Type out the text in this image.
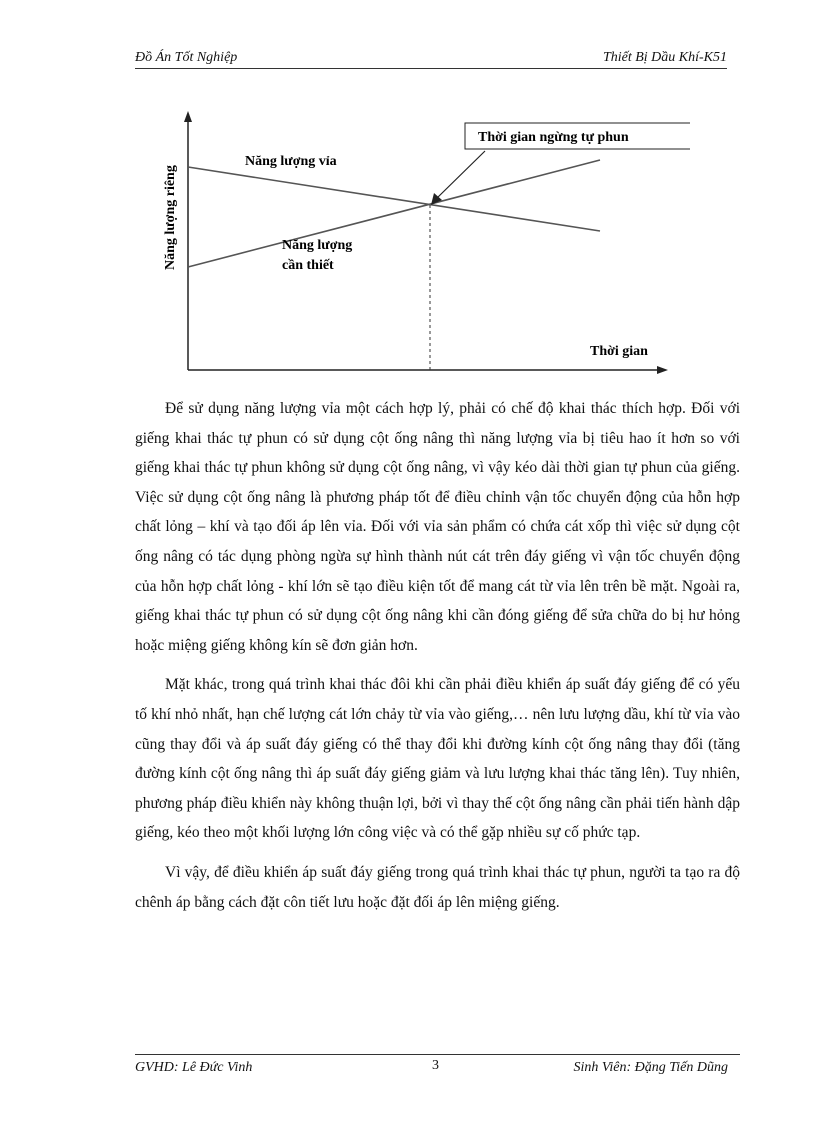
Đồ Án Tốt Nghiệp	Thiết Bị Dầu Khí-K51
Thời gian ngừng tự phun
Năng lượng vỉa
Năng lượng
cần thiết
Thời gian
Năng lượng riêng

Để sử dụng năng lượng vỉa một cách hợp lý, phải có chế độ khai thác thích hợp. Đối với giếng khai thác tự phun có sử dụng cột ống nâng thì năng lượng vỉa bị tiêu hao ít hơn so với giếng khai thác tự phun không sử dụng cột ống nâng, vì vậy kéo dài thời gian tự phun của giếng. Việc sử dụng cột ống nâng là phương pháp tốt để điều chỉnh vận tốc chuyển động của hỗn hợp chất lỏng – khí và tạo đối áp lên vỉa. Đối với vỉa sản phẩm có chứa cát xốp thì việc sử dụng cột ống nâng có tác dụng phòng ngừa sự hình thành nút cát trên đáy giếng vì vận tốc chuyển động của hỗn hợp chất lỏng - khí lớn sẽ tạo điều kiện tốt để mang cát từ vỉa lên trên bề mặt. Ngoài ra, giếng khai thác tự phun có sử dụng cột ống nâng khi cần đóng giếng để sửa chữa do bị hư hỏng hoặc miệng giếng không kín sẽ đơn giản hơn.

Mặt khác, trong quá trình khai thác đôi khi cần phải điều khiển áp suất đáy giếng để có yếu tố khí nhỏ nhất, hạn chế lượng cát lớn chảy từ vỉa vào giếng,… nên lưu lượng dầu, khí từ vỉa vào cũng thay đổi và áp suất đáy giếng có thể thay đổi khi đường kính cột ống nâng thay đổi (tăng đường kính cột ống nâng thì áp suất đáy giếng giảm và lưu lượng khai thác tăng lên). Tuy nhiên, phương pháp điều khiển này không thuận lợi, bởi vì thay thế cột ống nâng cần phải tiến hành dập giếng, kéo theo một khối lượng lớn công việc và có thể gặp nhiều sự cố phức tạp.

Vì vậy, để điều khiển áp suất đáy giếng trong quá trình khai thác tự phun, người ta tạo ra độ chênh áp bằng cách đặt côn tiết lưu hoặc đặt đối áp lên miệng giếng.

GVHD: Lê Đức Vinh	3	Sinh Viên: Đặng Tiến Dũng
